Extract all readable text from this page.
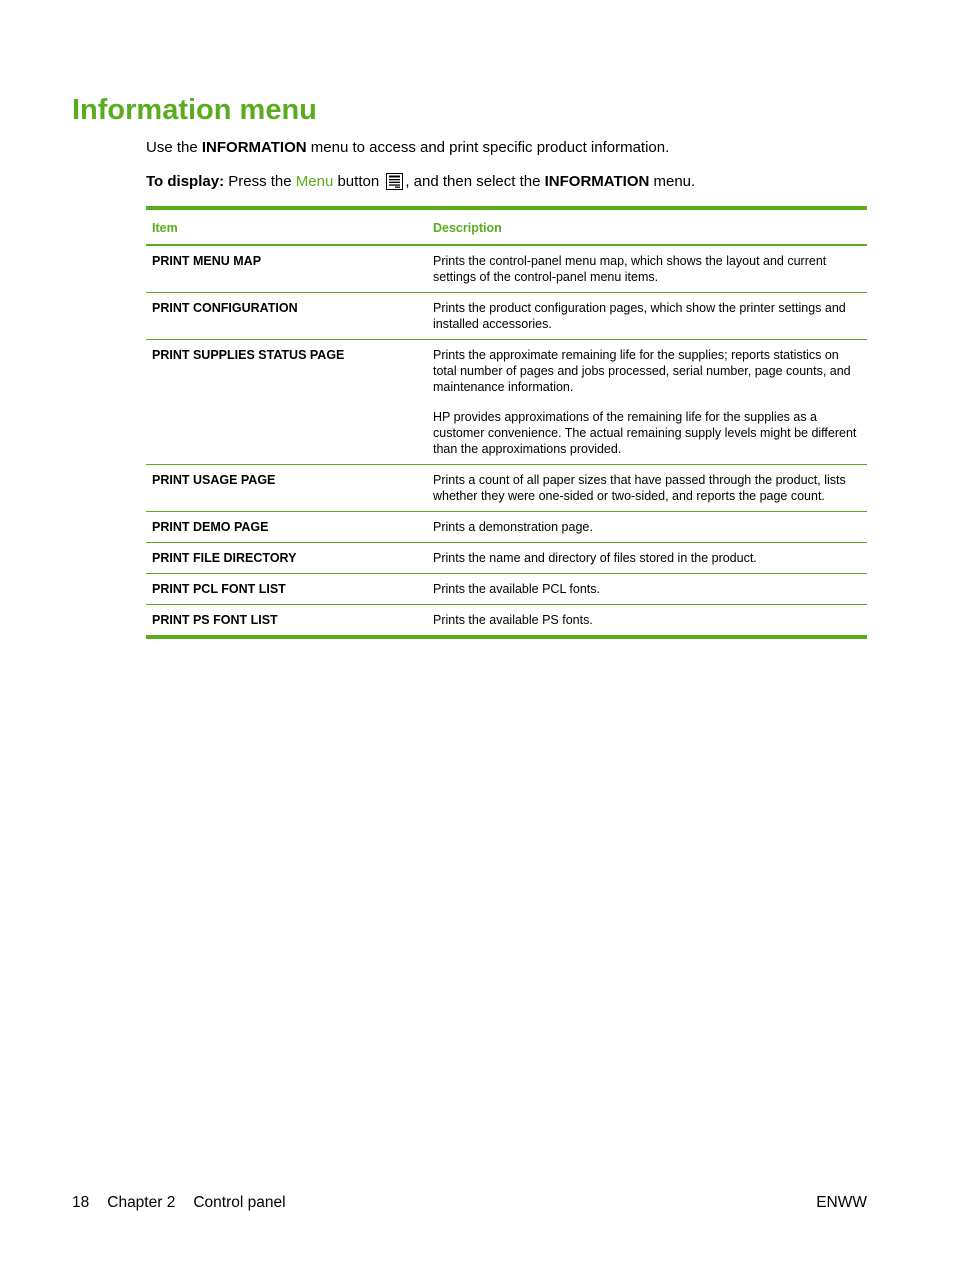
Information menu

Use the INFORMATION menu to access and print specific product information.

To display: Press the Menu button , and then select the INFORMATION menu.

Item	Description
PRINT MENU MAP	Prints the control-panel menu map, which shows the layout and current settings of the control-panel menu items.

PRINT CONFIGURATION	Prints the product configuration pages, which show the printer settings and installed accessories.

PRINT SUPPLIES STATUS PAGE	Prints the approximate remaining life for the supplies; reports statistics on total number of pages and jobs processed, serial number, page counts, and maintenance information.
HP provides approximations of the remaining life for the supplies as a customer convenience. The actual remaining supply levels might be different than the approximations provided.

PRINT USAGE PAGE	Prints a count of all paper sizes that have passed through the product, lists whether they were one-sided or two-sided, and reports the page count.

PRINT DEMO PAGE	Prints a demonstration page.

PRINT FILE DIRECTORY	Prints the name and directory of files stored in the product.

PRINT PCL FONT LIST	Prints the available PCL fonts.

PRINT PS FONT LIST	Prints the available PS fonts.
18 Chapter 2 Control panel	ENWW
